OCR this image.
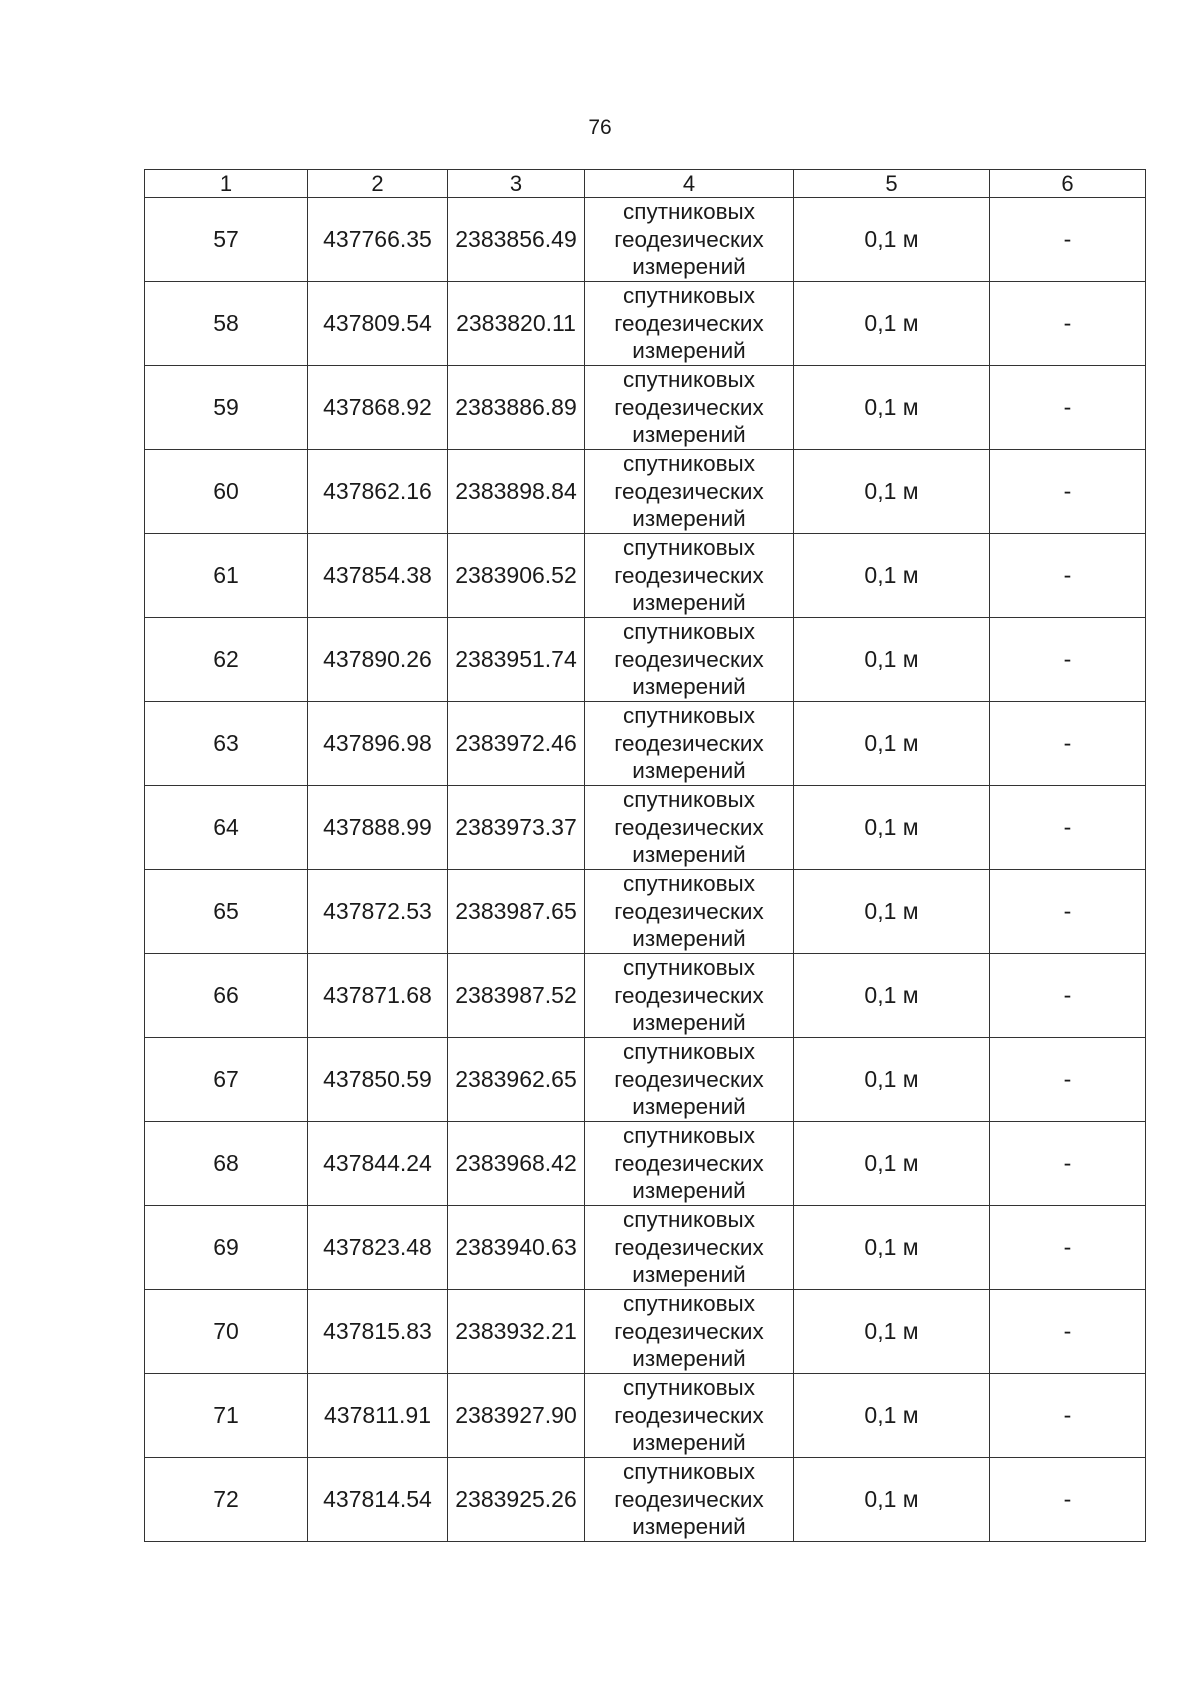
76
1	2	3	4	5	6
57	437766.35	2383856.49	спутниковых
геодезических
измерений	0,1 м	-
58	437809.54	2383820.11	спутниковых
геодезических
измерений	0,1 м	-
59	437868.92	2383886.89	спутниковых
геодезических
измерений	0,1 м	-
60	437862.16	2383898.84	спутниковых
геодезических
измерений	0,1 м	-
61	437854.38	2383906.52	спутниковых
геодезических
измерений	0,1 м	-
62	437890.26	2383951.74	спутниковых
геодезических
измерений	0,1 м	-
63	437896.98	2383972.46	спутниковых
геодезических
измерений	0,1 м	-
64	437888.99	2383973.37	спутниковых
геодезических
измерений	0,1 м	-
65	437872.53	2383987.65	спутниковых
геодезических
измерений	0,1 м	-
66	437871.68	2383987.52	спутниковых
геодезических
измерений	0,1 м	-
67	437850.59	2383962.65	спутниковых
геодезических
измерений	0,1 м	-
68	437844.24	2383968.42	спутниковых
геодезических
измерений	0,1 м	-
69	437823.48	2383940.63	спутниковых
геодезических
измерений	0,1 м	-
70	437815.83	2383932.21	спутниковых
геодезических
измерений	0,1 м	-
71	437811.91	2383927.90	спутниковых
геодезических
измерений	0,1 м	-
72	437814.54	2383925.26	спутниковых
геодезических
измерений	0,1 м	-
